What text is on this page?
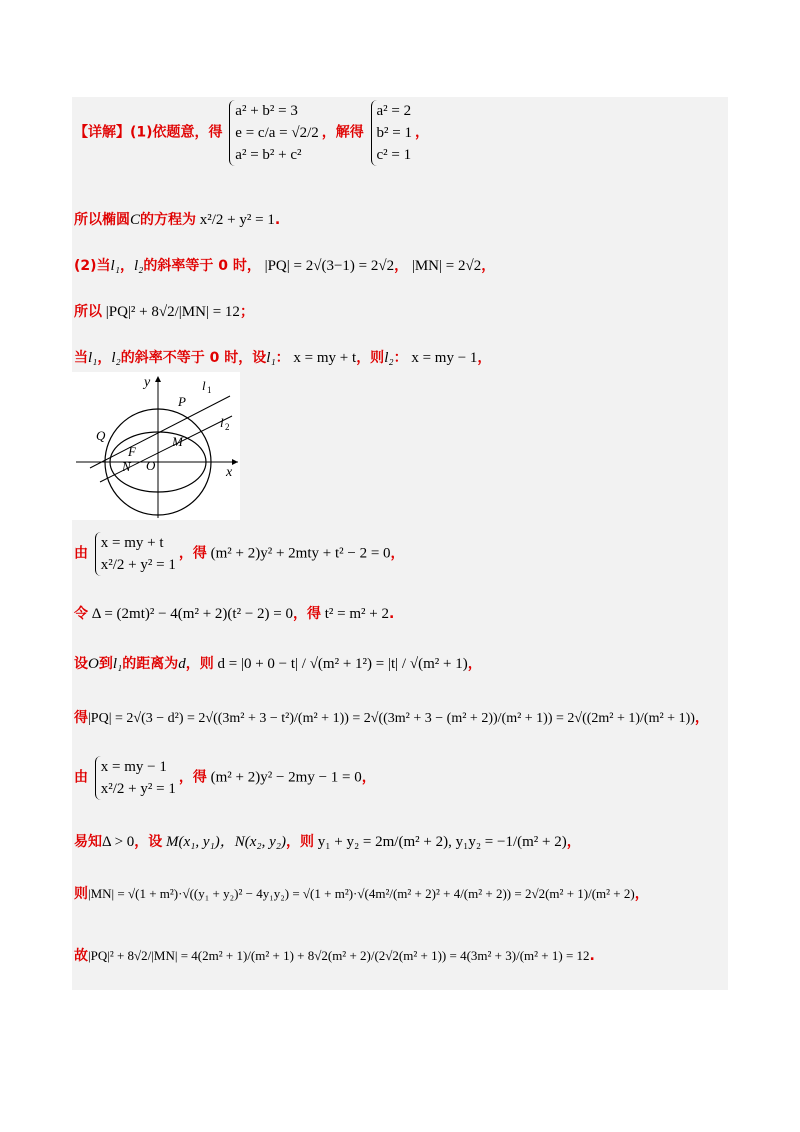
【详解】(1)依题意，得
a² + b² = 3
e = c/a = √2/2
a² = b² + c²
，解得
a² = 2
b² = 1
c² = 1
，
所以椭圆C的方程为 x²/2 + y² = 1.
(2)当l₁，l₂的斜率等于 0 时， |PQ| = 2√(3−1) = 2√2， |MN| = 2√2，
所以 |PQ|² + 8√2/|MN| = 12；
当l₁，l₂的斜率不等于 0 时，设l₁： x = my + t，则l₂： x = my − 1，
y
x
l 1
l 2
P
Q
F
M
N O
由
x = my + t
x²/2 + y² = 1
，得 (m² + 2)y² + 2mty + t² − 2 = 0，
令 Δ = (2mt)² − 4(m² + 2)(t² − 2) = 0，得 t² = m² + 2.
设O到l₁的距离为d，则 d = |0 + 0 − t| / √(m² + 1²) = |t| / √(m² + 1)，
得|PQ| = 2√(3 − d²) = 2√((3m² + 3 − t²)/(m² + 1)) = 2√((3m² + 3 − (m² + 2))/(m² + 1)) = 2√((2m² + 1)/(m² + 1))，
由
x = my − 1
x²/2 + y² = 1
，得 (m² + 2)y² − 2my − 1 = 0，
易知Δ > 0，设 M(x₁, y₁)，N(x₂, y₂)，则 y₁ + y₂ = 2m/(m² + 2), y₁y₂ = −1/(m² + 2)，
则|MN| = √(1 + m²)·√((y₁ + y₂)² − 4y₁y₂) = √(1 + m²)·√(4m²/(m² + 2)² + 4/(m² + 2)) = 2√2(m² + 1)/(m² + 2)，
故|PQ|² + 8√2/|MN| = 4(2m² + 1)/(m² + 1) + 8√2(m² + 2)/(2√2(m² + 1)) = 4(3m² + 3)/(m² + 1) = 12.
